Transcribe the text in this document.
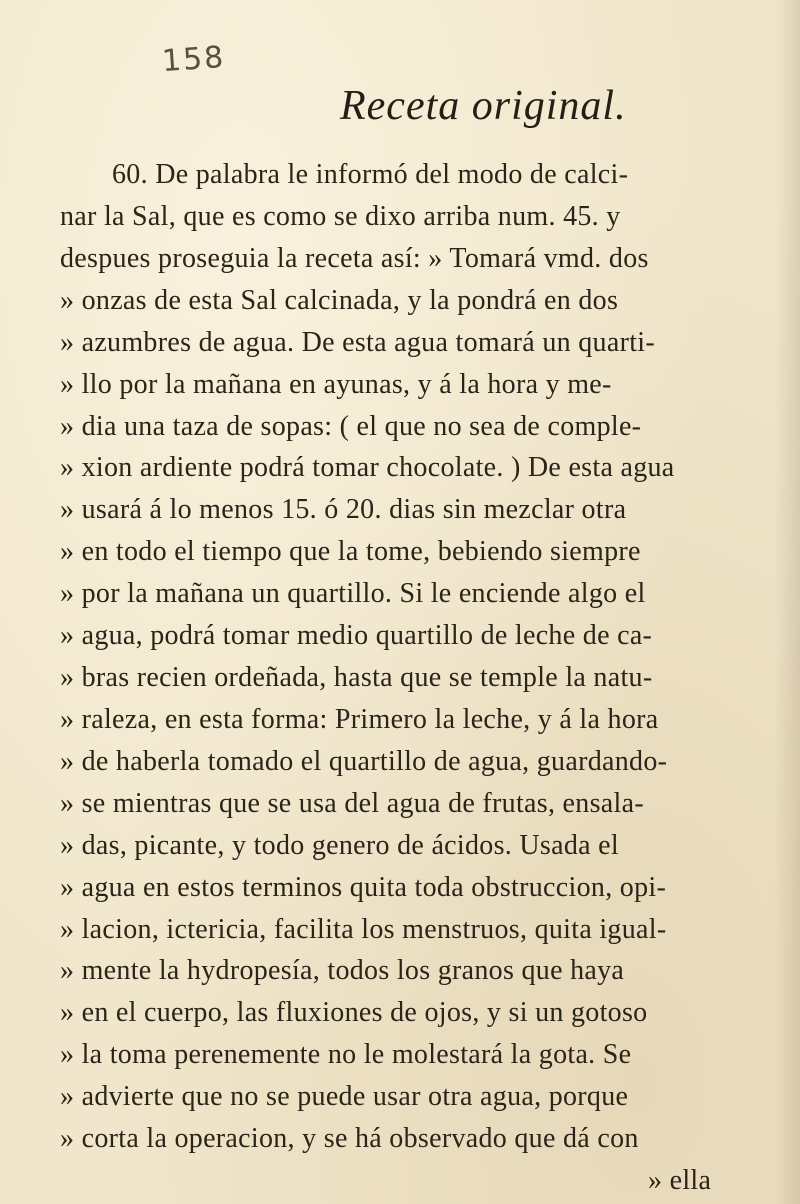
158
Receta original.
60. De palabra le informó del modo de calci-
nar la Sal, que es como se dixo arriba num. 45. y
despues proseguia la receta así: » Tomará vmd. dos
» onzas de esta Sal calcinada, y la pondrá en dos
» azumbres de agua. De esta agua tomará un quarti-
» llo por la mañana en ayunas, y á la hora y me-
» dia una taza de sopas: ( el que no sea de comple-
» xion ardiente podrá tomar chocolate. ) De esta agua
» usará á lo menos 15. ó 20. dias sin mezclar otra
» en todo el tiempo que la tome, bebiendo siempre
» por la mañana un quartillo. Si le enciende algo el
» agua, podrá tomar medio quartillo de leche de ca-
» bras recien ordeñada, hasta que se temple la natu-
» raleza, en esta forma: Primero la leche, y á la hora
» de haberla tomado el quartillo de agua, guardando-
» se mientras que se usa del agua de frutas, ensala-
» das, picante, y todo genero de ácidos. Usada el
» agua en estos terminos quita toda obstruccion, opi-
» lacion, ictericia, facilita los menstruos, quita igual-
» mente la hydropesía, todos los granos que haya
» en el cuerpo, las fluxiones de ojos, y si un gotoso
» la toma perenemente no le molestará la gota. Se
» advierte que no se puede usar otra agua, porque
» corta la operacion, y se há observado que dá con
» ella
